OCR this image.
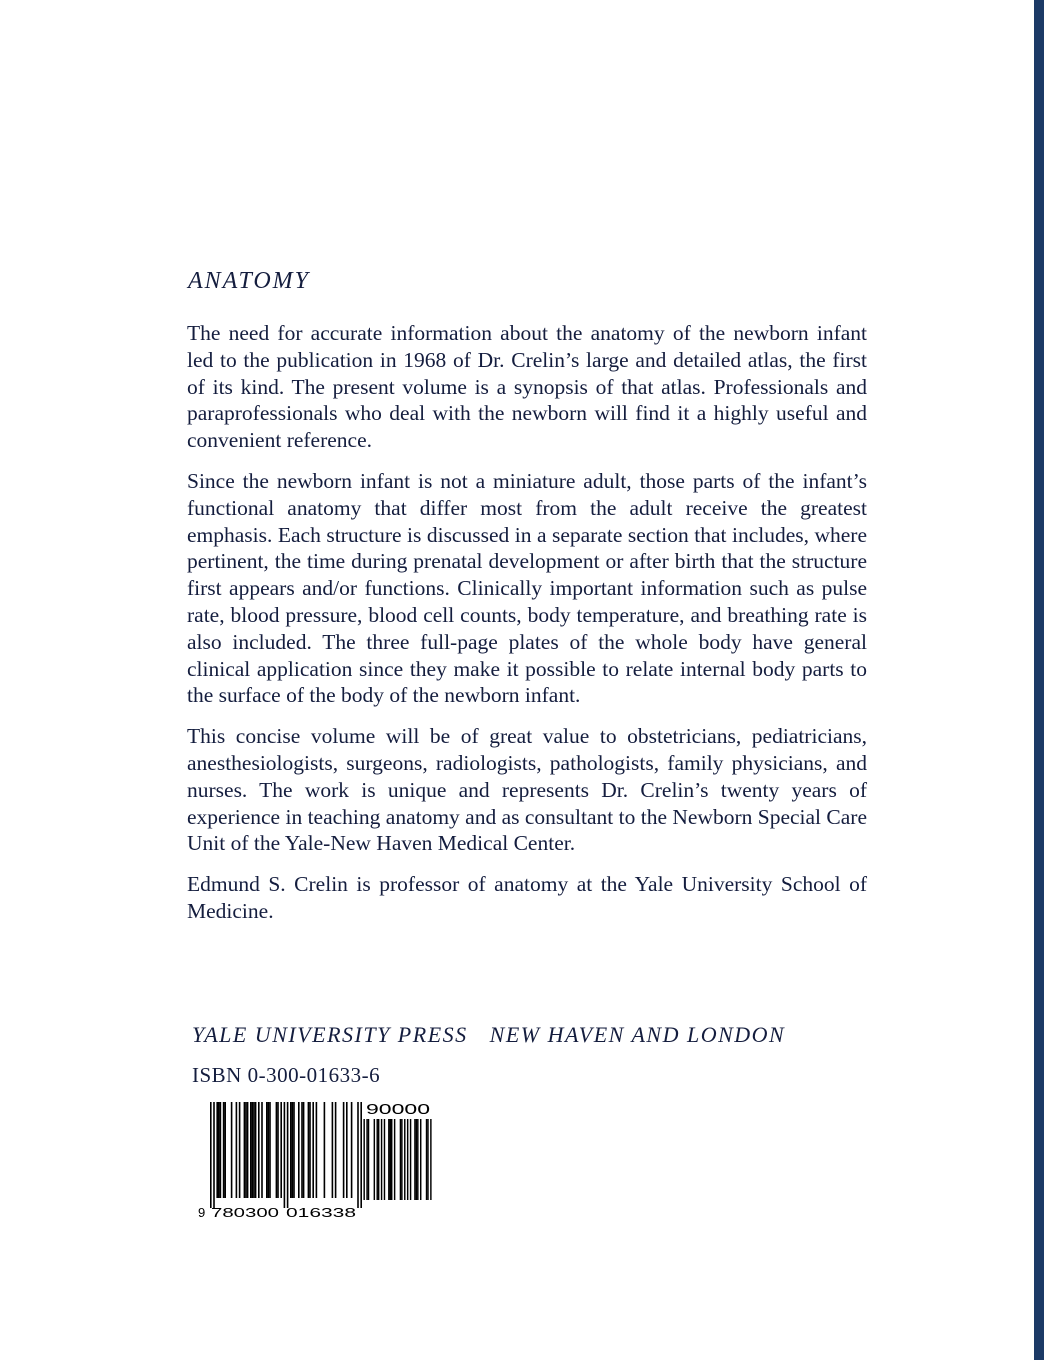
ANATOMY

The need for accurate information about the anatomy of the newborn infant led to the publication in 1968 of Dr. Crelin’s large and detailed atlas, the first of its kind. The present volume is a synopsis of that atlas. Professionals and paraprofessionals who deal with the newborn will find it a highly useful and convenient reference.

Since the newborn infant is not a miniature adult, those parts of the infant’s functional anatomy that differ most from the adult receive the greatest emphasis. Each structure is discussed in a separate section that includes, where pertinent, the time during prenatal development or after birth that the structure first appears and/or functions. Clinically important information such as pulse rate, blood pressure, blood cell counts, body temperature, and breathing rate is also included. The three full-page plates of the whole body have general clinical application since they make it possible to relate internal body parts to the surface of the body of the newborn infant.

This concise volume will be of great value to obstetricians, pediatricians, anesthesiologists, surgeons, radiologists, pathologists, family physicians, and nurses. The work is unique and represents Dr. Crelin’s twenty years of experience in teaching anatomy and as consultant to the Newborn Special Care Unit of the Yale-New Haven Medical Center.

Edmund S. Crelin is professor of anatomy at the Yale University School of Medicine.

YALE UNIVERSITY PRESS NEW HAVEN AND LONDON
ISBN 0-300-01633-6
9 780300 016338
90000
